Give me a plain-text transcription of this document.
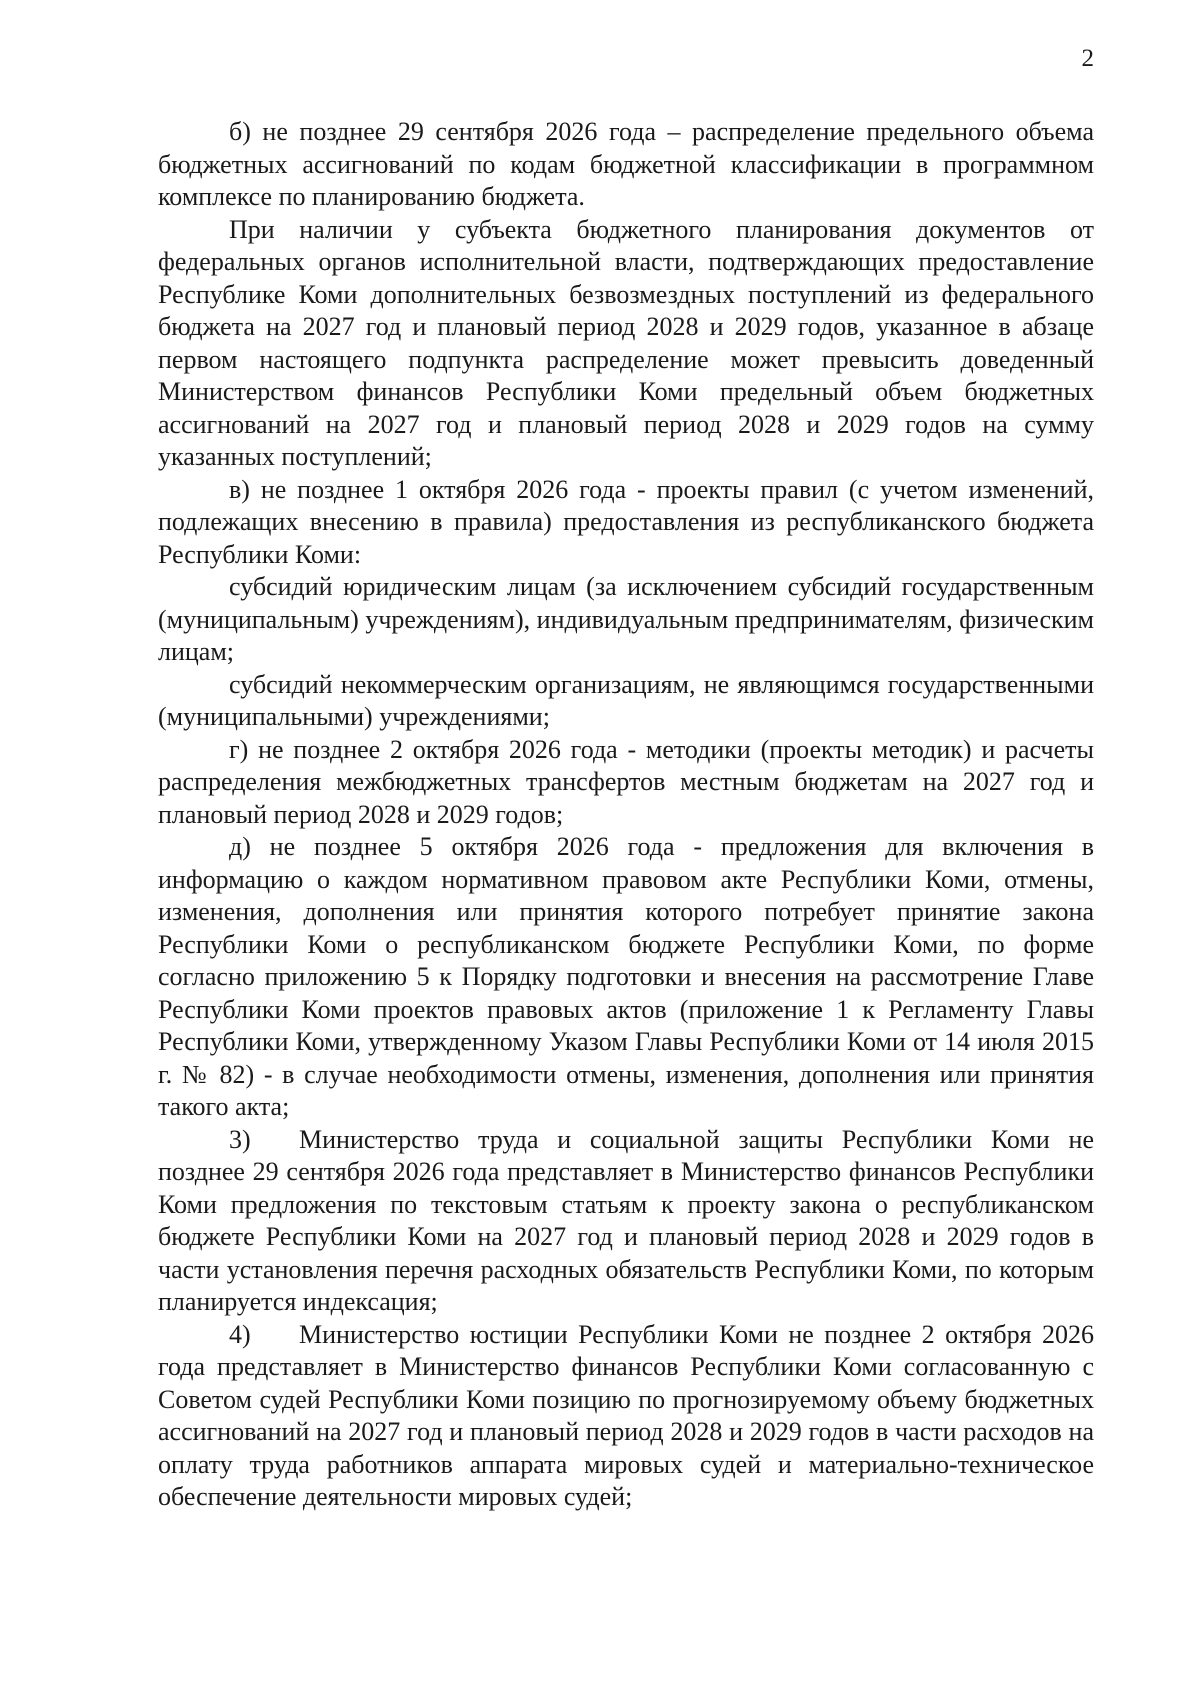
2

б) не позднее 29 сентября 2026 года – распределение предельного объема бюджетных ассигнований по кодам бюджетной классификации в программном комплексе по планированию бюджета.

При наличии у субъекта бюджетного планирования документов от федеральных органов исполнительной власти, подтверждающих предоставление Республике Коми дополнительных безвозмездных поступлений из федерального бюджета на 2027 год и плановый период 2028 и 2029 годов, указанное в абзаце первом настоящего подпункта распределение может превысить доведенный Министерством финансов Республики Коми предельный объем бюджетных ассигнований на 2027 год и плановый период 2028 и 2029 годов на сумму указанных поступлений;

в) не позднее 1 октября 2026 года - проекты правил (с учетом изменений, подлежащих внесению в правила) предоставления из республиканского бюджета Республики Коми:

субсидий юридическим лицам (за исключением субсидий государственным (муниципальным) учреждениям), индивидуальным предпринимателям, физическим лицам;

субсидий некоммерческим организациям, не являющимся государственными (муниципальными) учреждениями;

г) не позднее 2 октября 2026 года - методики (проекты методик) и расчеты распределения межбюджетных трансфертов местным бюджетам на 2027 год и плановый период 2028 и 2029 годов;

д) не позднее 5 октября 2026 года - предложения для включения в информацию о каждом нормативном правовом акте Республики Коми, отмены, изменения, дополнения или принятия которого потребует принятие закона Республики Коми о республиканском бюджете Республики Коми, по форме согласно приложению 5 к Порядку подготовки и внесения на рассмотрение Главе Республики Коми проектов правовых актов (приложение 1 к Регламенту Главы Республики Коми, утвержденному Указом Главы Республики Коми от 14 июля 2015 г. № 82) - в случае необходимости отмены, изменения, дополнения или принятия такого акта;

3) Министерство труда и социальной защиты Республики Коми не позднее 29 сентября 2026 года представляет в Министерство финансов Республики Коми предложения по текстовым статьям к проекту закона о республиканском бюджете Республики Коми на 2027 год и плановый период 2028 и 2029 годов в части установления перечня расходных обязательств Республики Коми, по которым планируется индексация;

4) Министерство юстиции Республики Коми не позднее 2 октября 2026 года представляет в Министерство финансов Республики Коми согласованную с Советом судей Республики Коми позицию по прогнозируемому объему бюджетных ассигнований на 2027 год и плановый период 2028 и 2029 годов в части расходов на оплату труда работников аппарата мировых судей и материально-техническое обеспечение деятельности мировых судей;
